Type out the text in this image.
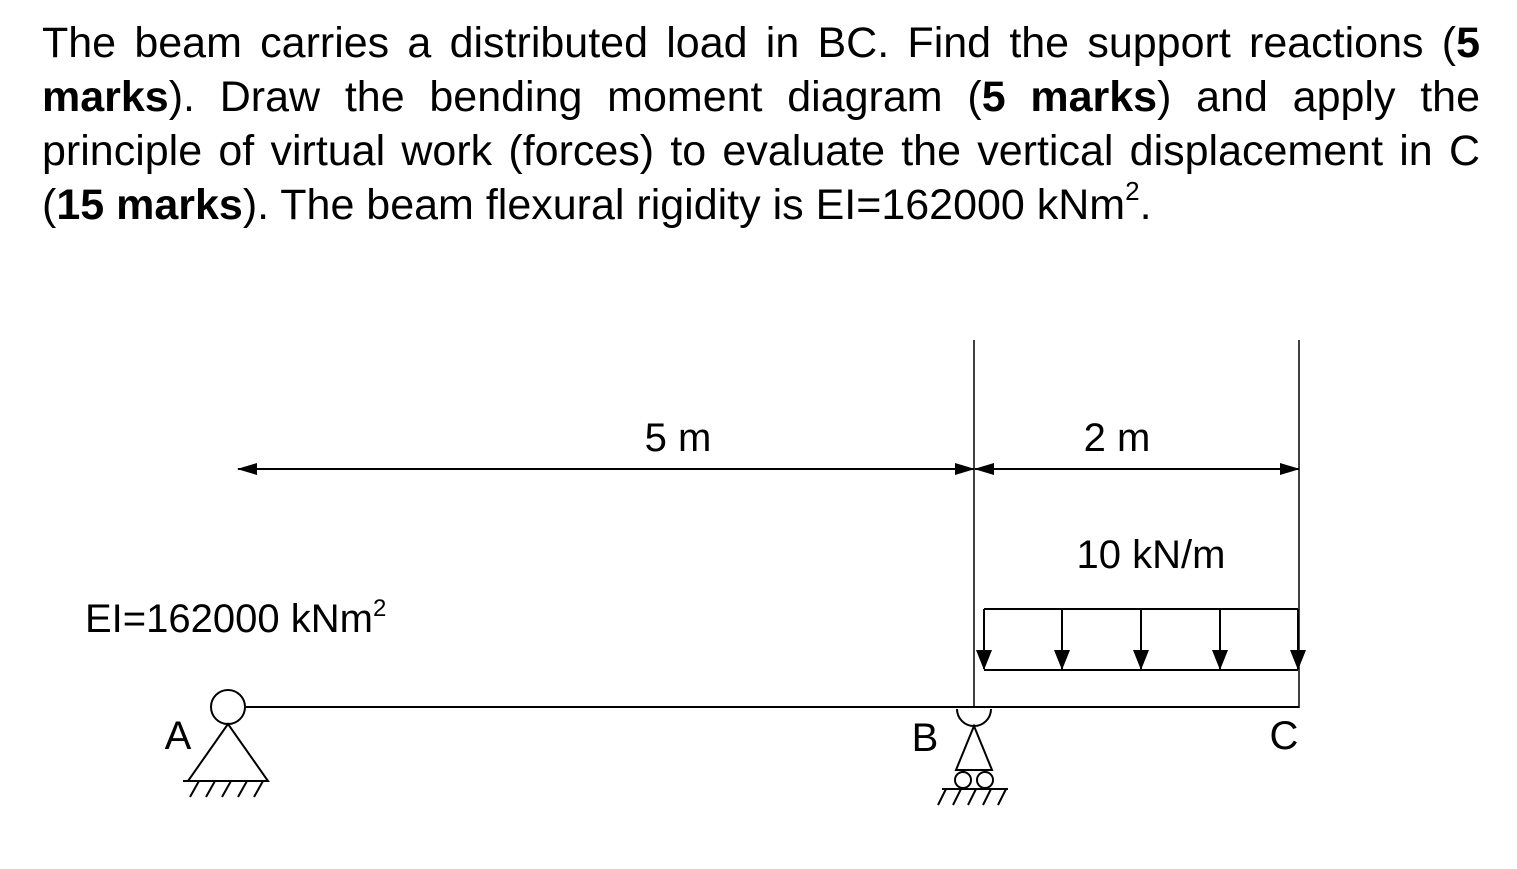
The beam carries a distributed load in BC. Find the support reactions (5 marks). Draw the bending moment diagram (5 marks) and apply the principle of virtual work (forces) to evaluate the vertical displacement in C (15 marks). The beam flexural rigidity is EI=162000 kNm$^2$.

5 m	2 m
10 kN/m
EI=162000 kNm$^2$
A	B	C
